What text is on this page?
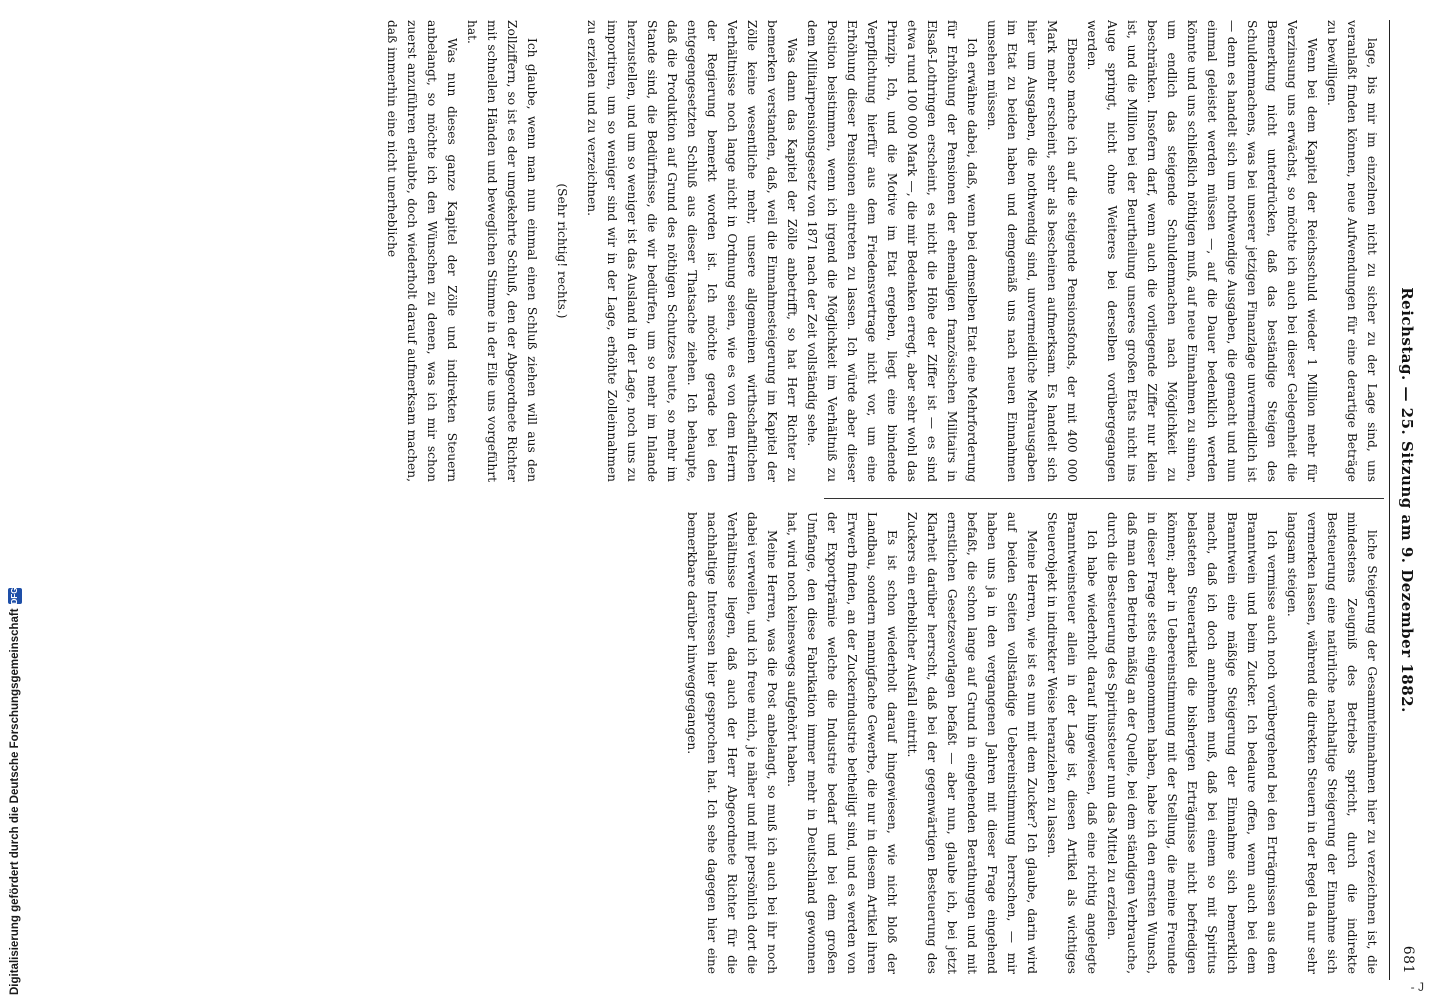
Reichstag. — 25. Sitzung am 9. Dezember 1882.
681

lage, bis mir im einzelnen nicht zu sicher zu der Lage sind, uns veranlaßt finden können, neue Aufwendungen für eine derartige Beträge zu bewilligen.

Wenn bei dem Kapitel der Reichsschuld wieder 1 Million mehr für Verzinsung uns erwächst, so möchte ich auch bei dieser Gelegenheit die Bemerkung nicht unterdrücken, daß das beständige Steigen des Schuldenmachens, was bei unserer jetzigen Finanzlage unvermeidlich ist — denn es handelt sich um nothwendige Ausgaben, die gemacht und nun einmal geleistet werden müssen —, auf die Dauer bedenklich werden könnte und uns schließlich nöthigen muß, auf neue Einnahmen zu sinnen, um endlich das steigende Schuldenmachen nach Möglichkeit zu beschränken. Insofern darf, wenn auch die vorliegende Ziffer nur klein ist, und die Million bei der Beurtheilung unseres großen Etats nicht ins Auge springt, nicht ohne Weiteres bei derselben vorübergegangen werden.

Ebenso mache ich auf die steigende Pensionsfonds, der mit 400 000 Mark mehr erscheint, sehr als bescheinen aufmerksam. Es handelt sich hier um Ausgaben, die nothwendig sind, unvermeidliche Mehrausgaben im Etat zu beiden haben und demgemäß uns nach neuen Einnahmen umsehen müssen.

Ich erwähne dabei, daß, wenn bei demselben Etat eine Mehrforderung für Erhöhung der Pensionen der ehemaligen französischen Militairs in Elsaß-Lothringen erscheint, es nicht die Höhe der Ziffer ist — es sind etwa rund 100 000 Mark —, die mir Bedenken erregt, aber sehr wohl das Prinzip. Ich, und die Motive im Etat ergeben, liegt eine bindende Verpflichtung hierfür aus dem Friedensvertrage nicht vor, um eine Erhöhung dieser Pensionen eintreten zu lassen. Ich würde aber dieser Position beistimmen, wenn ich irgend die Möglichkeit im Verhältniß zu dem Militairpensionsgesetz von 1871 nach der Zeit vollständig sehe.

Was dann das Kapitel der Zölle anbetrifft, so hat Herr Richter zu bemerken verstanden, daß, weil die Einnahmesteigerung im Kapitel der Zölle keine wesentliche mehr, unsere allgemeinen wirthschaftlichen Verhältnisse noch lange nicht in Ordnung seien, wie es von dem Herrn der Regierung bemerkt worden ist. Ich möchte gerade bei den entgegengesetzten Schluß aus dieser Thatsache ziehen. Ich behaupte, daß die Produktion auf Grund des nöthigen Schutzes heute, so mehr im Stande sind, die Bedürfnisse, die wir bedürfen, um so mehr im Inlande herzustellen, und um so weniger ist das Ausland in der Lage, noch uns zu importiren, um so weniger sind wir in der Lage, erhöhte Zolleinnahmen zu erzielen und zu verzeichnen.

(Sehr richtig! rechts.)

Ich glaube, wenn man nun einmal einen Schluß ziehen will aus den Zollziffern, so ist es der umgekehrte Schluß, den der Abgeordnete Richter mit schnellen Händen und beweglichen Stimme in der Eile uns vorgeführt hat.

Was nun dieses ganze Kapitel der Zölle und indirekten Steuern anbelangt, so möchte ich den Wünschen zu denen, was ich mir schon zuerst anzuführen erlaubte, doch wiederholt darauf aufmerksam machen, daß immerhin eine nicht unerhebliche

liche Steigerung der Gesammteinnahmen hier zu verzeichnen ist, die mindestens Zeugniß des Betriebs spricht, durch die indirekte Besteuerung eine natürliche nachhaltige Steigerung der Einnahme sich vermerken lassen, während die direkten Steuern in der Regel da nur sehr langsam steigen.

Ich vermisse auch noch vorübergehend bei den Erträgnissen aus dem Branntwein und beim Zucker. Ich bedaure offen, wenn auch bei dem Branntwein eine mäßige Steigerung der Einnahme sich bemerklich macht, daß ich doch annehmen muß, daß bei einem so mit Spiritus belasteten Steuerartikel die bisherigen Erträgnisse nicht befriedigen können; aber in Uebereinstimmung mit der Stellung, die meine Freunde in dieser Frage stets eingenommen haben, habe ich den ernsten Wunsch, daß man den Betrieb mäßig an der Quelle, bei dem ständigen Verbrauche, durch die Besteuerung des Spiritussteuer nun das Mittel zu erzielen.

Ich habe wiederholt darauf hingewiesen, daß eine richtig angelegte Branntweinsteuer allein in der Lage ist, diesen Artikel als wichtiges Steuerobjekt in indirekter Weise heranziehen zu lassen.

Meine Herren, wie ist es nun mit dem Zucker? Ich glaube, darin wird auf beiden Seiten vollständige Uebereinstimmung herrschen, — mir haben uns ja in den vergangenen Jahren mit dieser Frage eingehend befaßt, die schon lange auf Grund in eingehenden Berathungen und mit ernstlichen Gesetzesvorlagen befaßt — aber nun, glaube ich, bei jetzt Klarheit darüber herrscht, daß bei der gegenwärtigen Besteuerung des Zuckers ein erheblicher Ausfall eintritt.

Es ist schon wiederholt darauf hingewiesen, wie nicht bloß der Landbau, sondern mannigfache Gewerbe, die nur in diesem Artikel ihren Erwerb finden, an der Zuckerindustrie betheiligt sind, und es werden von der Exportprämie welche die Industrie bedarf und bei dem großen Umfange, den diese Fabrikation immer mehr in Deutschland gewonnen hat, wird noch keineswegs aufgehört haben.

Meine Herren, was die Post anbelangt, so muß ich auch bei ihr noch dabei verweilen, und ich freue mich, je näher und mit persönlich dort die Verhältnisse liegen, daß auch der Herr Abgeordnete Richter für die nachhaltige Interessen hier gesprochen hat. Ich sehe dagegen hier eine bemerkbare darüber hinweggegangen.

Digitalisierung gefördert durch die Deutsche Forschungsgemeinschaft
DFG
- J
